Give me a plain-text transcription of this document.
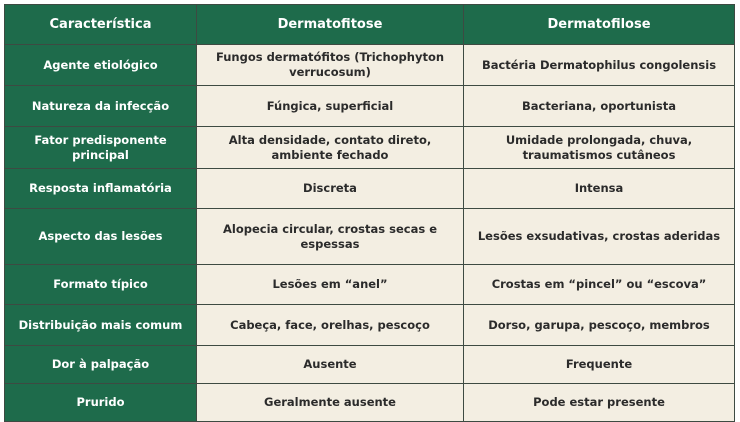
Característica	Dermatofitose	Dermatofilose
Agente etiológico	Fungos dermatófitos (Trichophyton verrucosum)	Bactéria Dermatophilus congolensis
Natureza da infecção	Fúngica, superficial	Bacteriana, oportunista
Fator predisponente principal	Alta densidade, contato direto, ambiente fechado	Umidade prolongada, chuva, traumatismos cutâneos
Resposta inflamatória	Discreta	Intensa
Aspecto das lesões	Alopecia circular, crostas secas e espessas	Lesões exsudativas, crostas aderidas
Formato típico	Lesões em “anel”	Crostas em “pincel” ou “escova”
Distribuição mais comum	Cabeça, face, orelhas, pescoço	Dorso, garupa, pescoço, membros
Dor à palpação	Ausente	Frequente
Prurido	Geralmente ausente	Pode estar presente
